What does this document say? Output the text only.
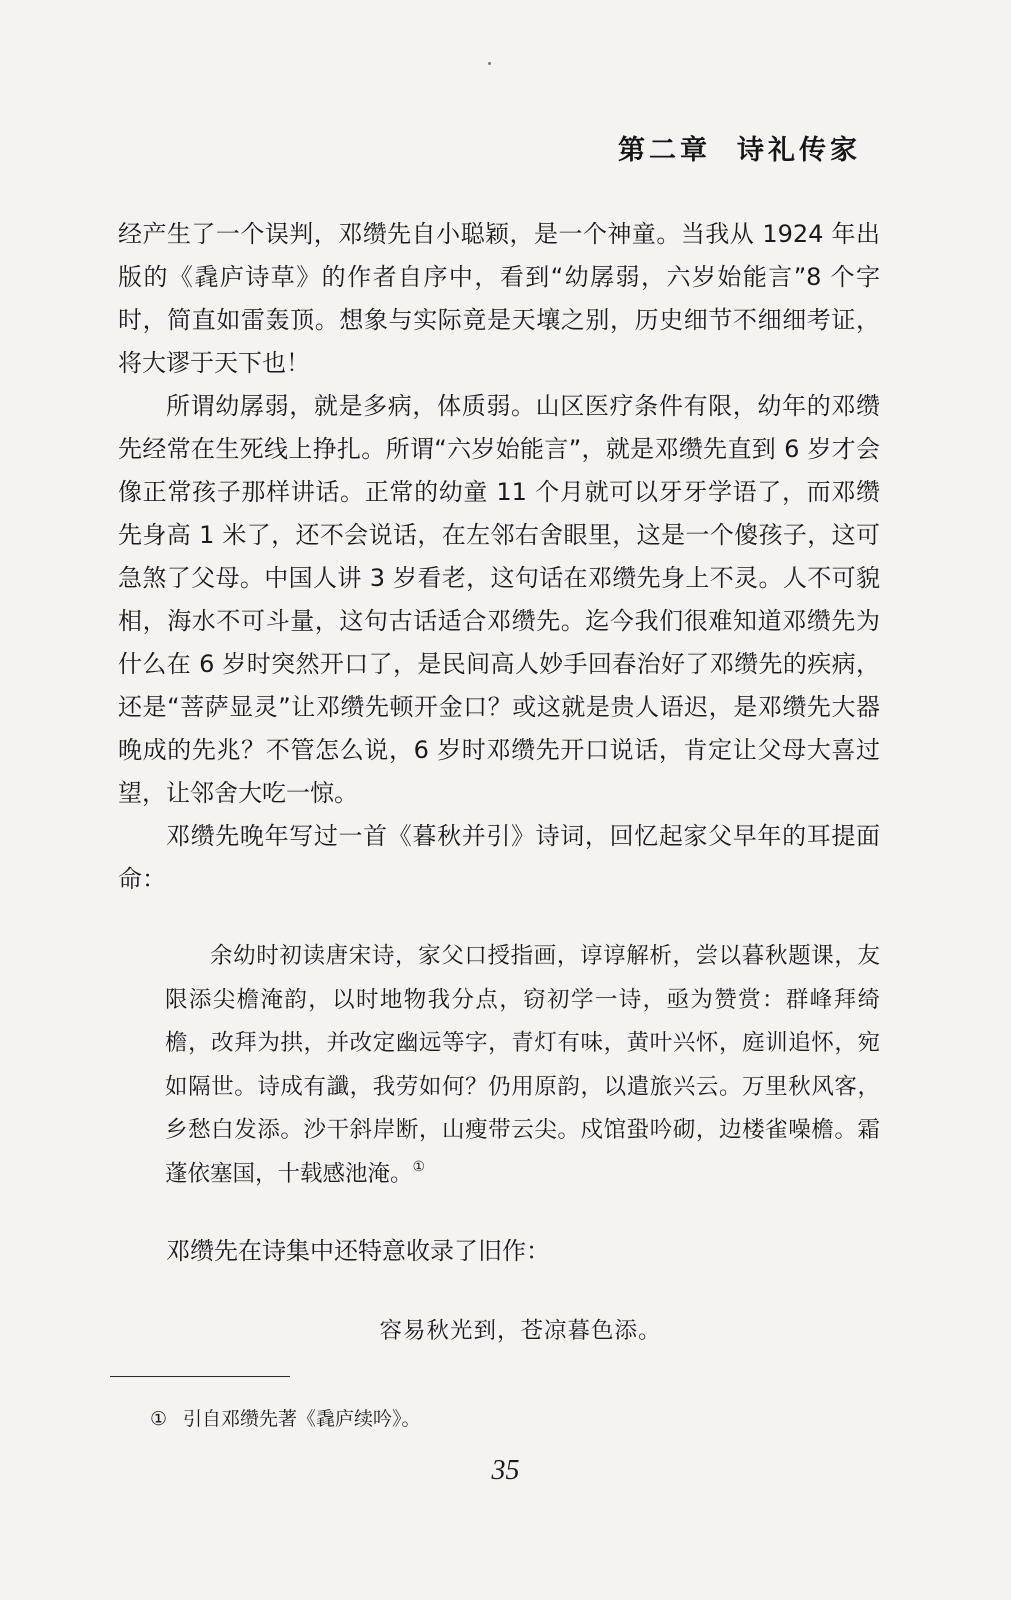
第二章 诗礼传家

经产生了一个误判，邓缵先自小聪颖，是一个神童。当我从 1924 年出版的《毳庐诗草》的作者自序中，看到“幼孱弱，六岁始能言”8 个字时，简直如雷轰顶。想象与实际竟是天壤之别，历史细节不细细考证，将大谬于天下也！

所谓幼孱弱，就是多病，体质弱。山区医疗条件有限，幼年的邓缵先经常在生死线上挣扎。所谓“六岁始能言”，就是邓缵先直到 6 岁才会像正常孩子那样讲话。正常的幼童 11 个月就可以牙牙学语了，而邓缵先身高 1 米了，还不会说话，在左邻右舍眼里，这是一个傻孩子，这可急煞了父母。中国人讲 3 岁看老，这句话在邓缵先身上不灵。人不可貌相，海水不可斗量，这句古话适合邓缵先。迄今我们很难知道邓缵先为什么在 6 岁时突然开口了，是民间高人妙手回春治好了邓缵先的疾病，还是“菩萨显灵”让邓缵先顿开金口？或这就是贵人语迟，是邓缵先大器晚成的先兆？不管怎么说，6 岁时邓缵先开口说话，肯定让父母大喜过望，让邻舍大吃一惊。

邓缵先晚年写过一首《暮秋并引》诗词，回忆起家父早年的耳提面命：

余幼时初读唐宋诗，家父口授指画，谆谆解析，尝以暮秋题课，友限添尖檐淹韵，以时地物我分点，窃初学一诗，亟为赞赏：群峰拜绮檐，改拜为拱，并改定幽远等字，青灯有味，黄叶兴怀，庭训追怀，宛如隔世。诗成有讖，我劳如何？仍用原韵，以遣旅兴云。万里秋风客，乡愁白发添。沙干斜岸断，山瘦带云尖。戍馆蛩吟砌，边楼雀噪檐。霜蓬依塞国，十载感池淹。①

邓缵先在诗集中还特意收录了旧作：

容易秋光到，苍凉暮色添。
① 引自邓缵先著《毳庐续吟》。
35
